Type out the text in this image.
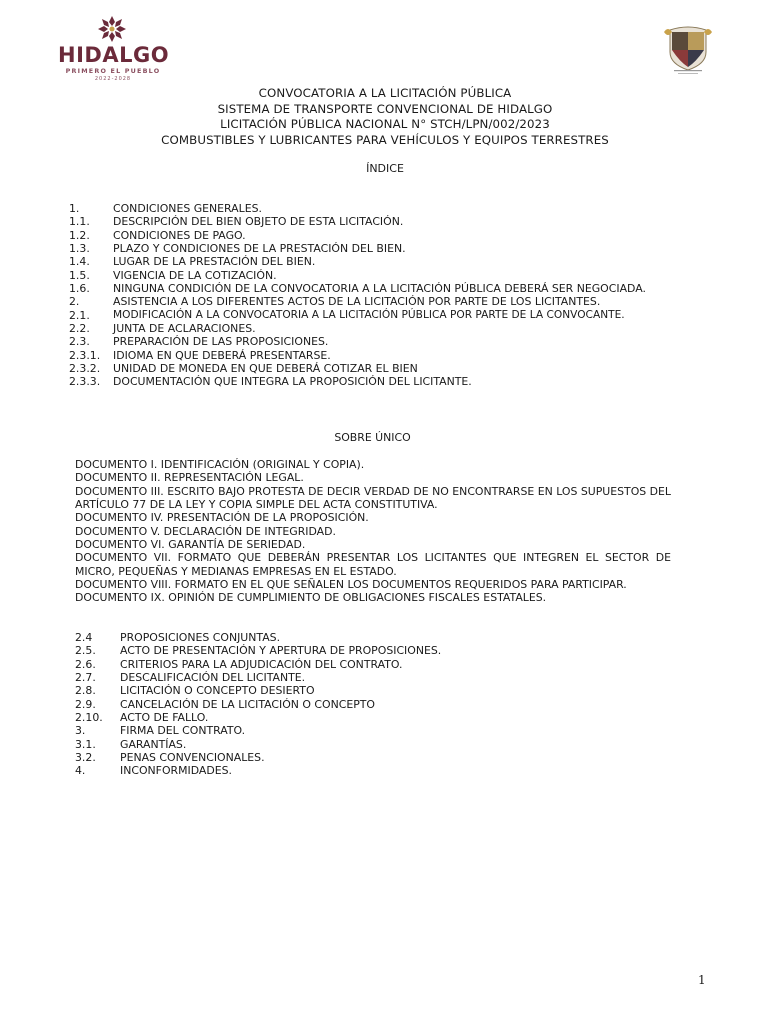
HIDALGO
PRIMERO EL PUEBLO
2022-2028
CONVOCATORIA A LA LICITACIÓN PÚBLICA
SISTEMA DE TRANSPORTE CONVENCIONAL DE HIDALGO
LICITACIÓN PÚBLICA NACIONAL N° STCH/LPN/002/2023
COMBUSTIBLES Y LUBRICANTES PARA VEHÍCULOS Y EQUIPOS TERRESTRES
ÍNDICE
1.	CONDICIONES GENERALES.
1.1.	DESCRIPCIÓN DEL BIEN OBJETO DE ESTA LICITACIÓN.
1.2.	CONDICIONES DE PAGO.
1.3.	PLAZO Y CONDICIONES DE LA PRESTACIÓN DEL BIEN.
1.4.	LUGAR DE LA PRESTACIÓN DEL BIEN.
1.5.	VIGENCIA DE LA COTIZACIÓN.
1.6.	NINGUNA CONDICIÓN DE LA CONVOCATORIA A LA LICITACIÓN PÚBLICA DEBERÁ SER NEGOCIADA.
2.	ASISTENCIA A LOS DIFERENTES ACTOS DE LA LICITACIÓN POR PARTE DE LOS LICITANTES.
2.1.	MODIFICACIÓN A LA CONVOCATORIA A LA LICITACIÓN PÚBLICA POR PARTE DE LA CONVOCANTE.
2.2.	JUNTA DE ACLARACIONES.
2.3.	PREPARACIÓN DE LAS PROPOSICIONES.
2.3.1.	IDIOMA EN QUE DEBERÁ PRESENTARSE.
2.3.2.	UNIDAD DE MONEDA EN QUE DEBERÁ COTIZAR EL BIEN
2.3.3.	DOCUMENTACIÓN QUE INTEGRA LA PROPOSICIÓN DEL LICITANTE.
SOBRE ÚNICO

DOCUMENTO I. IDENTIFICACIÓN (ORIGINAL Y COPIA).

DOCUMENTO II. REPRESENTACIÓN LEGAL.

DOCUMENTO III. ESCRITO BAJO PROTESTA DE DECIR VERDAD DE NO ENCONTRARSE EN LOS SUPUESTOS DEL ARTÍCULO 77 DE LA LEY Y COPIA SIMPLE DEL ACTA CONSTITUTIVA.

DOCUMENTO IV. PRESENTACIÓN DE LA PROPOSICIÓN.

DOCUMENTO V. DECLARACIÓN DE INTEGRIDAD.

DOCUMENTO VI. GARANTÍA DE SERIEDAD.

DOCUMENTO VII. FORMATO QUE DEBERÁN PRESENTAR LOS LICITANTES QUE INTEGREN EL SECTOR DE MICRO, PEQUEÑAS Y MEDIANAS EMPRESAS EN EL ESTADO.

DOCUMENTO VIII. FORMATO EN EL QUE SEÑALEN LOS DOCUMENTOS REQUERIDOS PARA PARTICIPAR.

DOCUMENTO IX. OPINIÓN DE CUMPLIMIENTO DE OBLIGACIONES FISCALES ESTATALES.

2.4	PROPOSICIONES CONJUNTAS.
2.5.	ACTO DE PRESENTACIÓN Y APERTURA DE PROPOSICIONES.
2.6.	CRITERIOS PARA LA ADJUDICACIÓN DEL CONTRATO.
2.7.	DESCALIFICACIÓN DEL LICITANTE.
2.8.	LICITACIÓN O CONCEPTO DESIERTO
2.9.	CANCELACIÓN DE LA LICITACIÓN O CONCEPTO
2.10.	ACTO DE FALLO.
3.	FIRMA DEL CONTRATO.
3.1.	GARANTÍAS.
3.2.	PENAS CONVENCIONALES.
4.	INCONFORMIDADES.
1
